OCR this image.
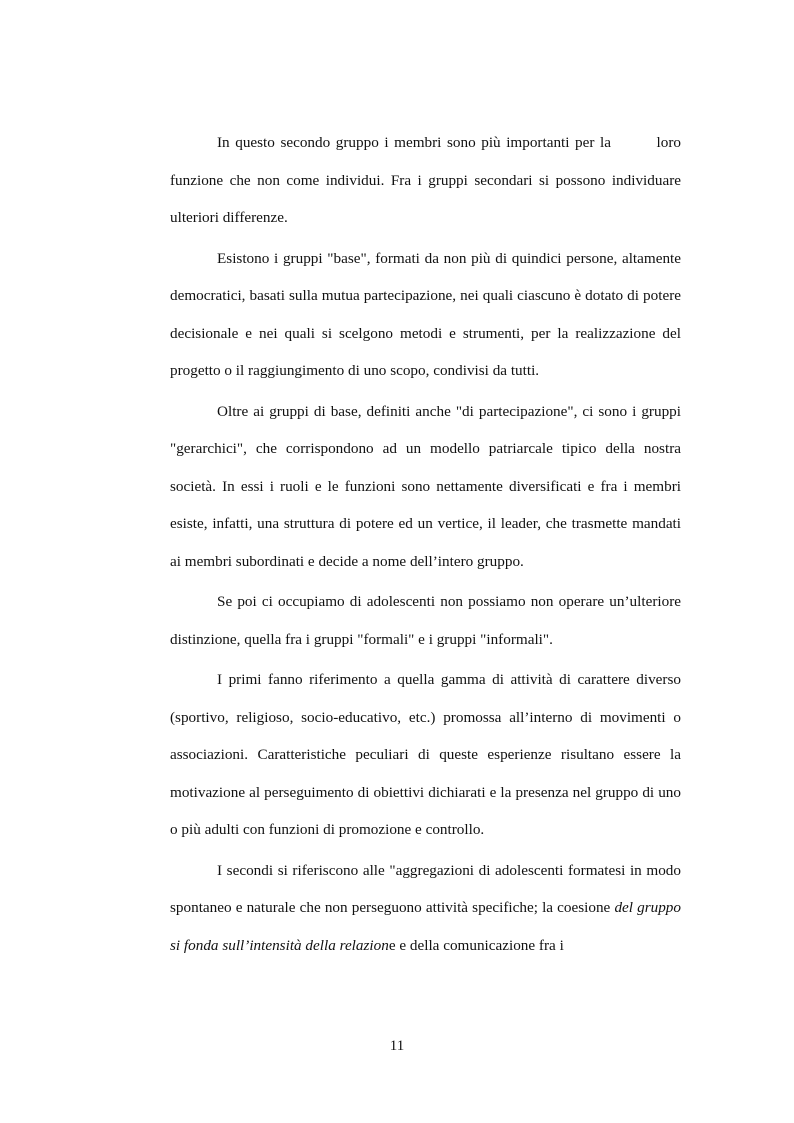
In questo secondo gruppo i membri sono più importanti per la   loro funzione che non come individui. Fra i gruppi secondari si possono individuare ulteriori differenze.

Esistono i gruppi "base", formati da non più di quindici persone, altamente democratici, basati sulla mutua partecipazione, nei quali ciascuno è dotato di potere decisionale e nei quali si scelgono metodi e strumenti, per la realizzazione del progetto o il raggiungimento di uno scopo, condivisi da tutti.

Oltre ai gruppi di base, definiti anche "di partecipazione", ci sono i gruppi "gerarchici", che corrispondono ad un modello patriarcale tipico della nostra società. In essi i ruoli e le funzioni sono nettamente diversificati e fra i membri esiste, infatti, una struttura di potere ed un vertice, il leader, che trasmette mandati ai membri subordinati e decide a nome dell’intero gruppo.

Se poi ci occupiamo di adolescenti non possiamo non operare un’ulteriore distinzione, quella fra i gruppi "formali" e i gruppi "informali".

I primi fanno riferimento a quella gamma di attività di carattere diverso (sportivo, religioso, socio-educativo, etc.) promossa all’interno di movimenti o associazioni. Caratteristiche peculiari di queste esperienze risultano essere la motivazione al perseguimento di obiettivi dichiarati e la presenza nel gruppo di uno o più adulti con funzioni di promozione e controllo.

I secondi si riferiscono alle "aggregazioni di adolescenti formatesi in modo spontaneo e naturale che non perseguono attività specifiche; la coesione del gruppo si fonda sull’intensità della relazione e della comunicazione fra i

11
